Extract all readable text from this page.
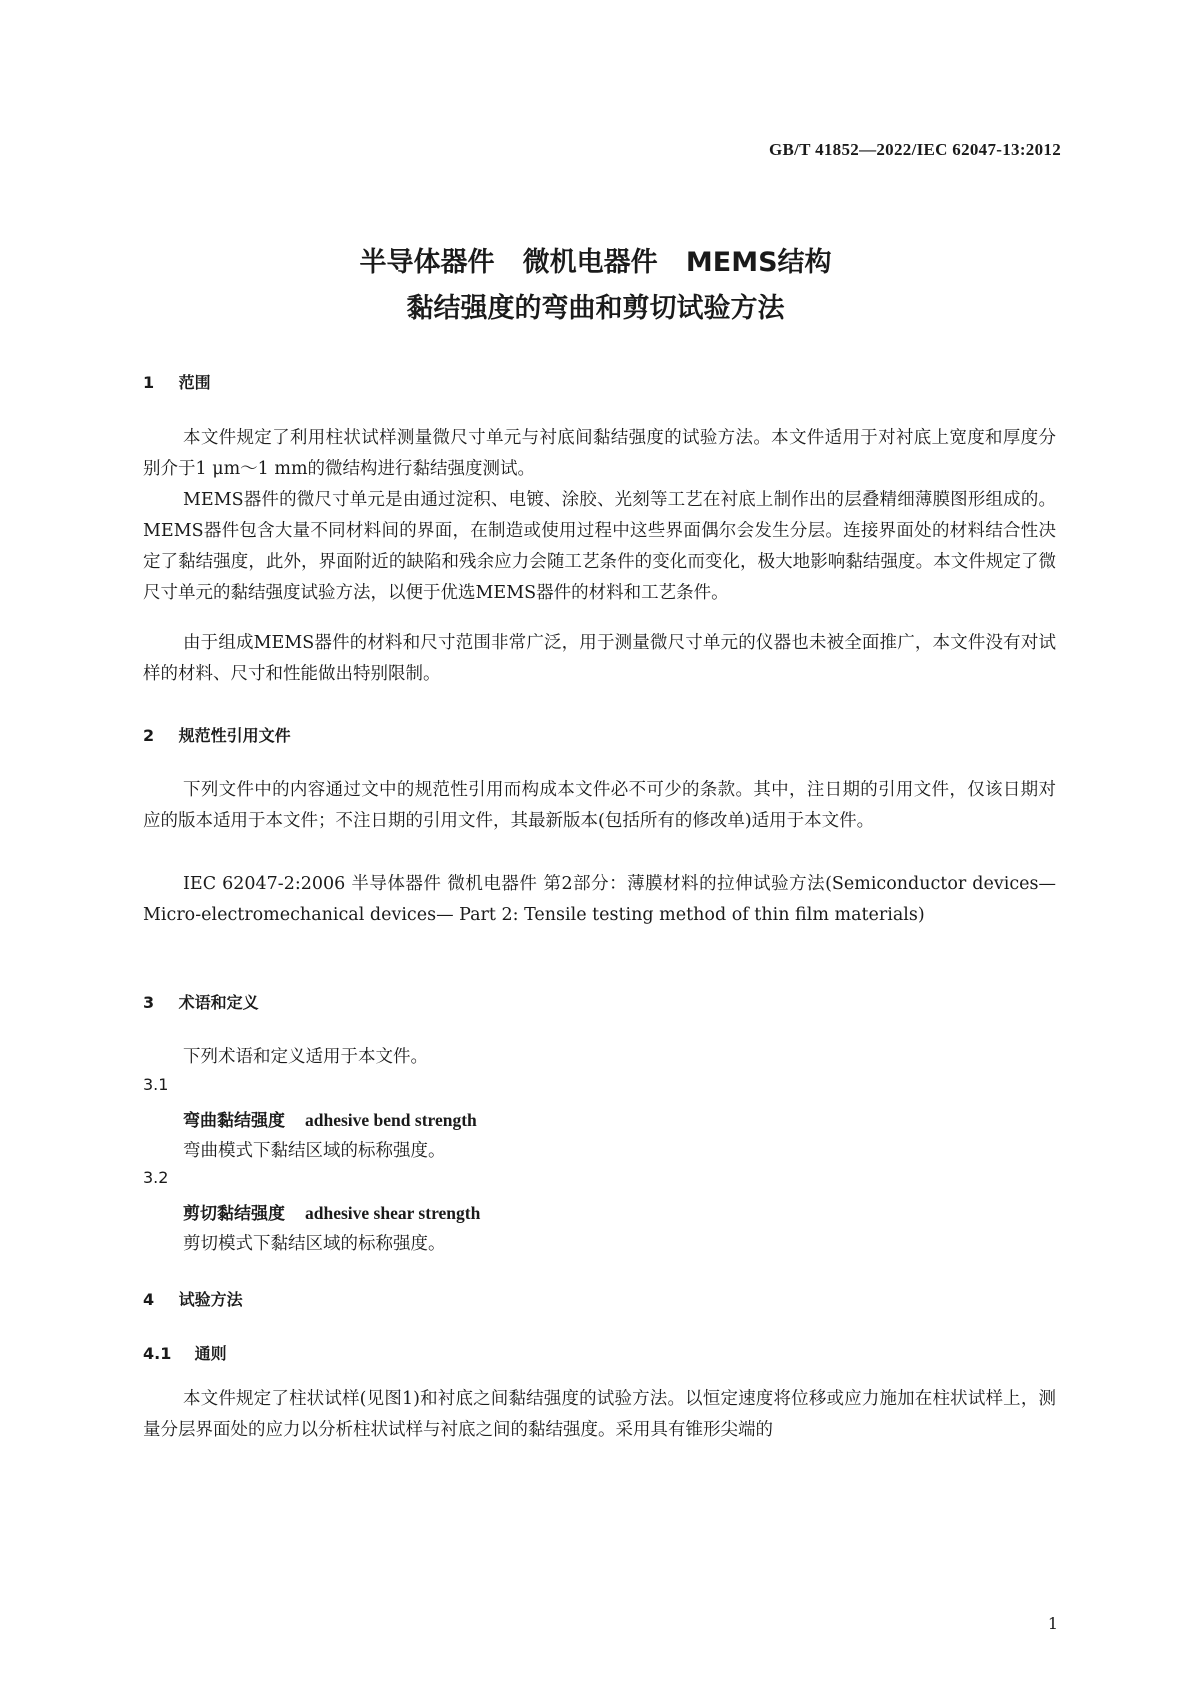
GB/T 41852—2022/IEC 62047-13:2012
半导体器件   微机电器件   MEMS结构
黏结强度的弯曲和剪切试验方法
1 范围
本文件规定了利用柱状试样测量微尺寸单元与衬底间黏结强度的试验方法。本文件适用于对衬底上宽度和厚度分别介于1 μm～1 mm的微结构进行黏结强度测试。
MEMS器件的微尺寸单元是由通过淀积、电镀、涂胶、光刻等工艺在衬底上制作出的层叠精细薄膜图形组成的。MEMS器件包含大量不同材料间的界面，在制造或使用过程中这些界面偶尔会发生分层。连接界面处的材料结合性决定了黏结强度，此外，界面附近的缺陷和残余应力会随工艺条件的变化而变化，极大地影响黏结强度。本文件规定了微尺寸单元的黏结强度试验方法，以便于优选MEMS器件的材料和工艺条件。
由于组成MEMS器件的材料和尺寸范围非常广泛，用于测量微尺寸单元的仪器也未被全面推广，本文件没有对试样的材料、尺寸和性能做出特别限制。
2 规范性引用文件
下列文件中的内容通过文中的规范性引用而构成本文件必不可少的条款。其中，注日期的引用文件，仅该日期对应的版本适用于本文件；不注日期的引用文件，其最新版本(包括所有的修改单)适用于本文件。
IEC 62047-2:2006 半导体器件 微机电器件 第2部分：薄膜材料的拉伸试验方法(Semiconductor devices—Micro-electromechanical devices— Part 2: Tensile testing method of thin film materials)
3 术语和定义
下列术语和定义适用于本文件。
3.1
弯曲黏结强度 adhesive bend strength
弯曲模式下黏结区域的标称强度。
3.2
剪切黏结强度 adhesive shear strength
剪切模式下黏结区域的标称强度。
4 试验方法
4.1 通则
本文件规定了柱状试样(见图1)和衬底之间黏结强度的试验方法。以恒定速度将位移或应力施加在柱状试样上，测量分层界面处的应力以分析柱状试样与衬底之间的黏结强度。采用具有锥形尖端的
1
